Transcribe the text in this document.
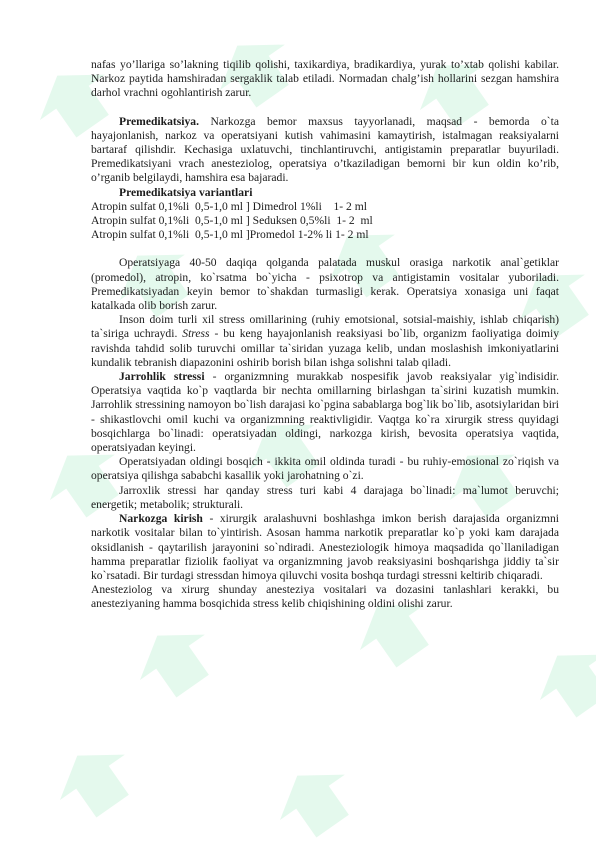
nafas yo’llariga so’lakning tiqilib qolishi, taxikardiya, bradikardiya, yurak to’xtab qolishi kabilar. Narkoz paytida hamshiradan sergaklik talab etiladi. Normadan chalg’ish hollarini sezgan hamshira darhol vrachni ogohlantirish zarur.

Premedikatsiya. Narkozga bemor maxsus tayyorlanadi, maqsad - bemorda o`ta hayajonlanish, narkoz va operatsiyani kutish vahimasini kamaytirish, istalmagan reaksiyalarni bartaraf qilishdir. Kechasiga uxlatuvchi, tinchlantiruvchi, antigistamin preparatlar buyuriladi. Premedikatsiyani vrach anesteziolog, operatsiya o’tkaziladigan bemorni bir kun oldin ko’rib, o’rganib belgilaydi, hamshira esa bajaradi.

Premedikatsiya variantlari

Atropin sulfat 0,1%li  0,5-1,0 ml ] Dimedrol 1%li    1- 2 ml

Atropin sulfat 0,1%li  0,5-1,0 ml ] Seduksen 0,5%li  1- 2  ml

Atropin sulfat 0,1%li  0,5-1,0 ml ]Promedol 1-2% li 1- 2 ml

Operatsiyaga 40-50 daqiqa qolganda palatada muskul orasiga narkotik anal`getiklar (promedol), atropin, ko`rsatma bo`yicha - psixotrop va antigistamin vositalar yuboriladi. Premedikatsiyadan keyin bemor to`shakdan turmasligi kerak. Operatsiya xonasiga uni faqat katalkada olib borish zarur.

Inson doim turli xil stress omillarining (ruhiy emotsional, sotsial-maishiy, ishlab chiqarish) ta`siriga uchraydi. Stress - bu keng hayajonlanish reaksiyasi bo`lib, organizm faoliyatiga doimiy ravishda tahdid solib turuvchi omillar ta`siridan yuzaga kelib, undan moslashish imkoniyatlarini kundalik tebranish diapazonini oshirib borish bilan ishga solishni talab qiladi.

Jarrohlik stressi - organizmning murakkab nospesifik javob reaksiyalar yig`indisidir. Operatsiya vaqtida ko`p vaqtlarda bir nechta omillarning birlashgan ta`sirini kuzatish mumkin. Jarrohlik stressining namoyon bo`lish darajasi ko`pgina sabablarga bog`lik bo`lib, asotsiylaridan biri - shikastlovchi omil kuchi va organizmning reaktivligidir. Vaqtga ko`ra xirurgik stress quyidagi bosqichlarga bo`linadi: operatsiyadan oldingi, narkozga kirish, bevosita operatsiya vaqtida, operatsiyadan keyingi.

Operatsiyadan oldingi bosqich - ikkita omil oldinda turadi - bu ruhiy-emosional zo`riqish va operatsiya qilishga sababchi kasallik yoki jarohatning o`zi.

Jarroxlik stressi har qanday stress turi kabi 4 darajaga bo`linadi: ma`lumot beruvchi; energetik; metabolik; strukturali.

Narkozga kirish - xirurgik aralashuvni boshlashga imkon berish darajasida organizmni narkotik vositalar bilan to`yintirish. Asosan hamma narkotik preparatlar ko`p yoki kam darajada oksidlanish - qaytarilish jarayonini so`ndiradi. Anesteziologik himoya maqsadida qo`llaniladigan hamma preparatlar fiziolik faoliyat va organizmning javob reaksiyasini boshqarishga jiddiy ta`sir ko`rsatadi. Bir turdagi stressdan himoya qiluvchi vosita boshqa turdagi stressni keltirib chiqaradi.

Anesteziolog va xirurg shunday anesteziya vositalari va dozasini tanlashlari kerakki, bu anesteziyaning hamma bosqichida stress kelib chiqishining oldini olishi zarur.
